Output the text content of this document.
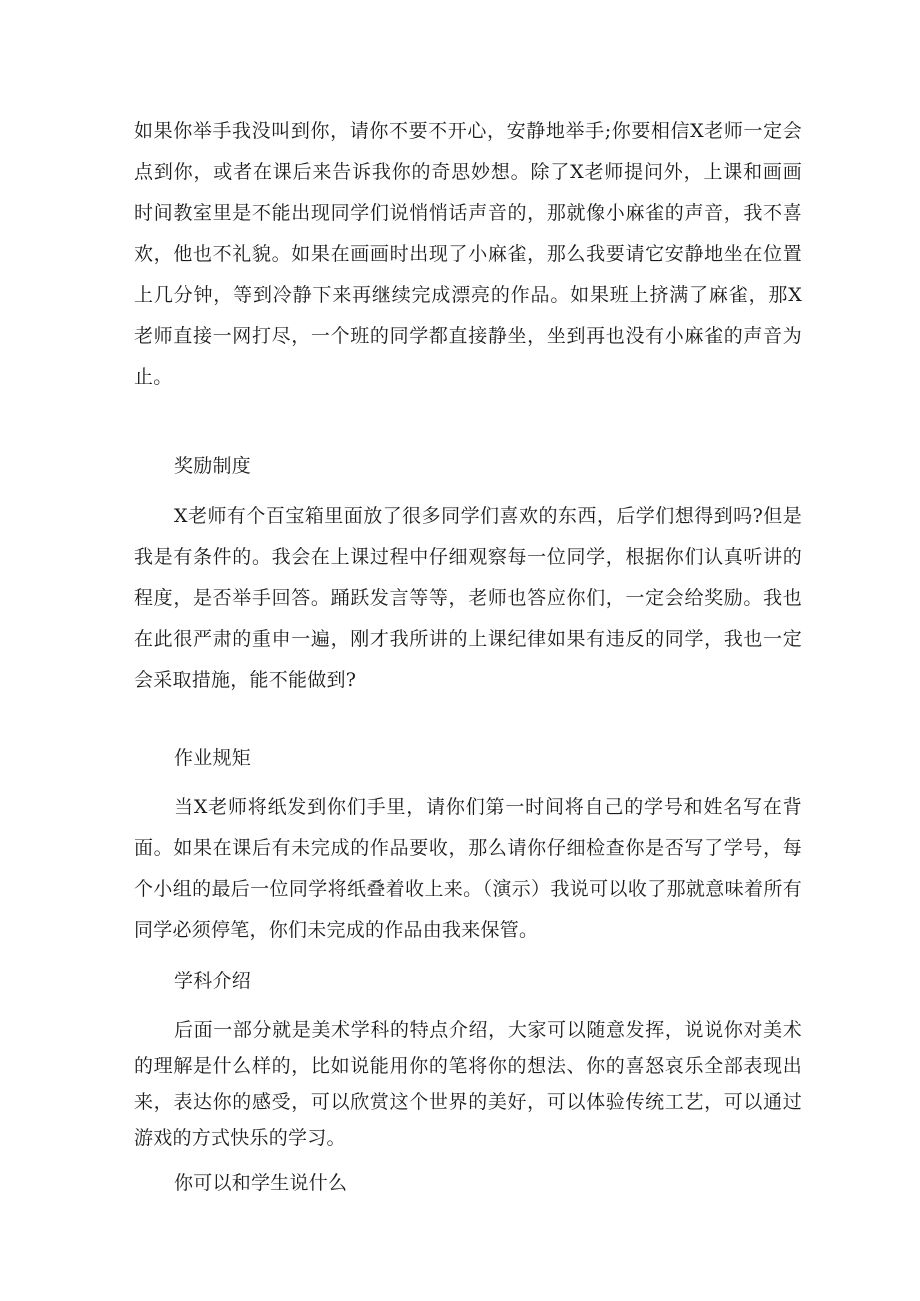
如果你举手我没叫到你，请你不要不开心，安静地举手;你要相信X老师一定会点到你，或者在课后来告诉我你的奇思妙想。除了X老师提问外，上课和画画时间教室里是不能出现同学们说悄悄话声音的，那就像小麻雀的声音，我不喜欢，他也不礼貌。如果在画画时出现了小麻雀，那么我要请它安静地坐在位置上几分钟，等到冷静下来再继续完成漂亮的作品。如果班上挤满了麻雀，那X老师直接一网打尽，一个班的同学都直接静坐，坐到再也没有小麻雀的声音为止。

奖励制度

X老师有个百宝箱里面放了很多同学们喜欢的东西，后学们想得到吗?但是我是有条件的。我会在上课过程中仔细观察每一位同学，根据你们认真听讲的程度，是否举手回答。踊跃发言等等，老师也答应你们，一定会给奖励。我也在此很严肃的重申一遍，刚才我所讲的上课纪律如果有违反的同学，我也一定会采取措施，能不能做到?

作业规矩

当X老师将纸发到你们手里，请你们第一时间将自己的学号和姓名写在背面。如果在课后有未完成的作品要收，那么请你仔细检查你是否写了学号，每个小组的最后一位同学将纸叠着收上来。（演示）我说可以收了那就意味着所有同学必须停笔，你们未完成的作品由我来保管。

学科介绍

后面一部分就是美术学科的特点介绍，大家可以随意发挥，说说你对美术的理解是什么样的，比如说能用你的笔将你的想法、你的喜怒哀乐全部表现出来，表达你的感受，可以欣赏这个世界的美好，可以体验传统工艺，可以通过游戏的方式快乐的学习。

你可以和学生说什么
